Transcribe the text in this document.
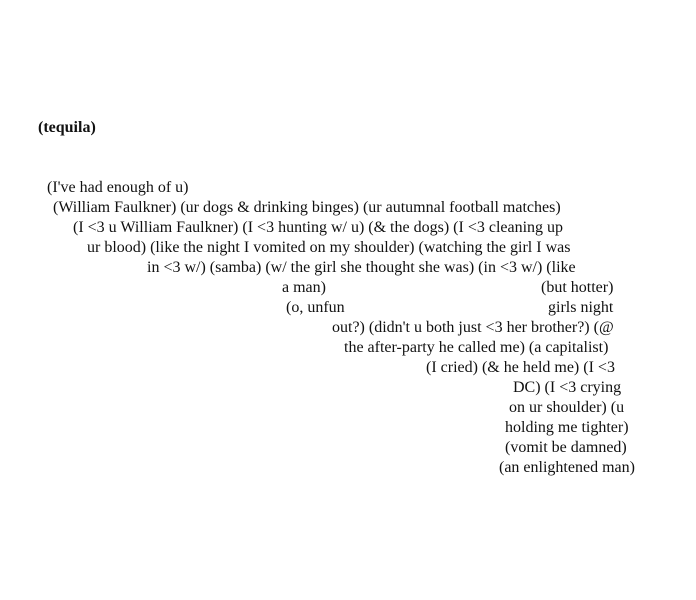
(tequila)
(I've had enough of u)
(William Faulkner) (ur dogs & drinking binges) (ur autumnal football matches)
(I <3 u William Faulkner) (I <3 hunting w/ u) (& the dogs) (I <3 cleaning up
ur blood) (like the night I vomited on my shoulder) (watching the girl I was
in <3 w/) (samba) (w/ the girl she thought she was) (in <3 w/) (like
a man)	(but hotter)
(o, unfun	girls night
out?) (didn't u both just <3 her brother?) (@
the after-party he called me) (a capitalist)
(I cried) (& he held me) (I <3
DC) (I <3 crying
on ur shoulder) (u
holding me tighter)
(vomit be damned)
(an enlightened man)
